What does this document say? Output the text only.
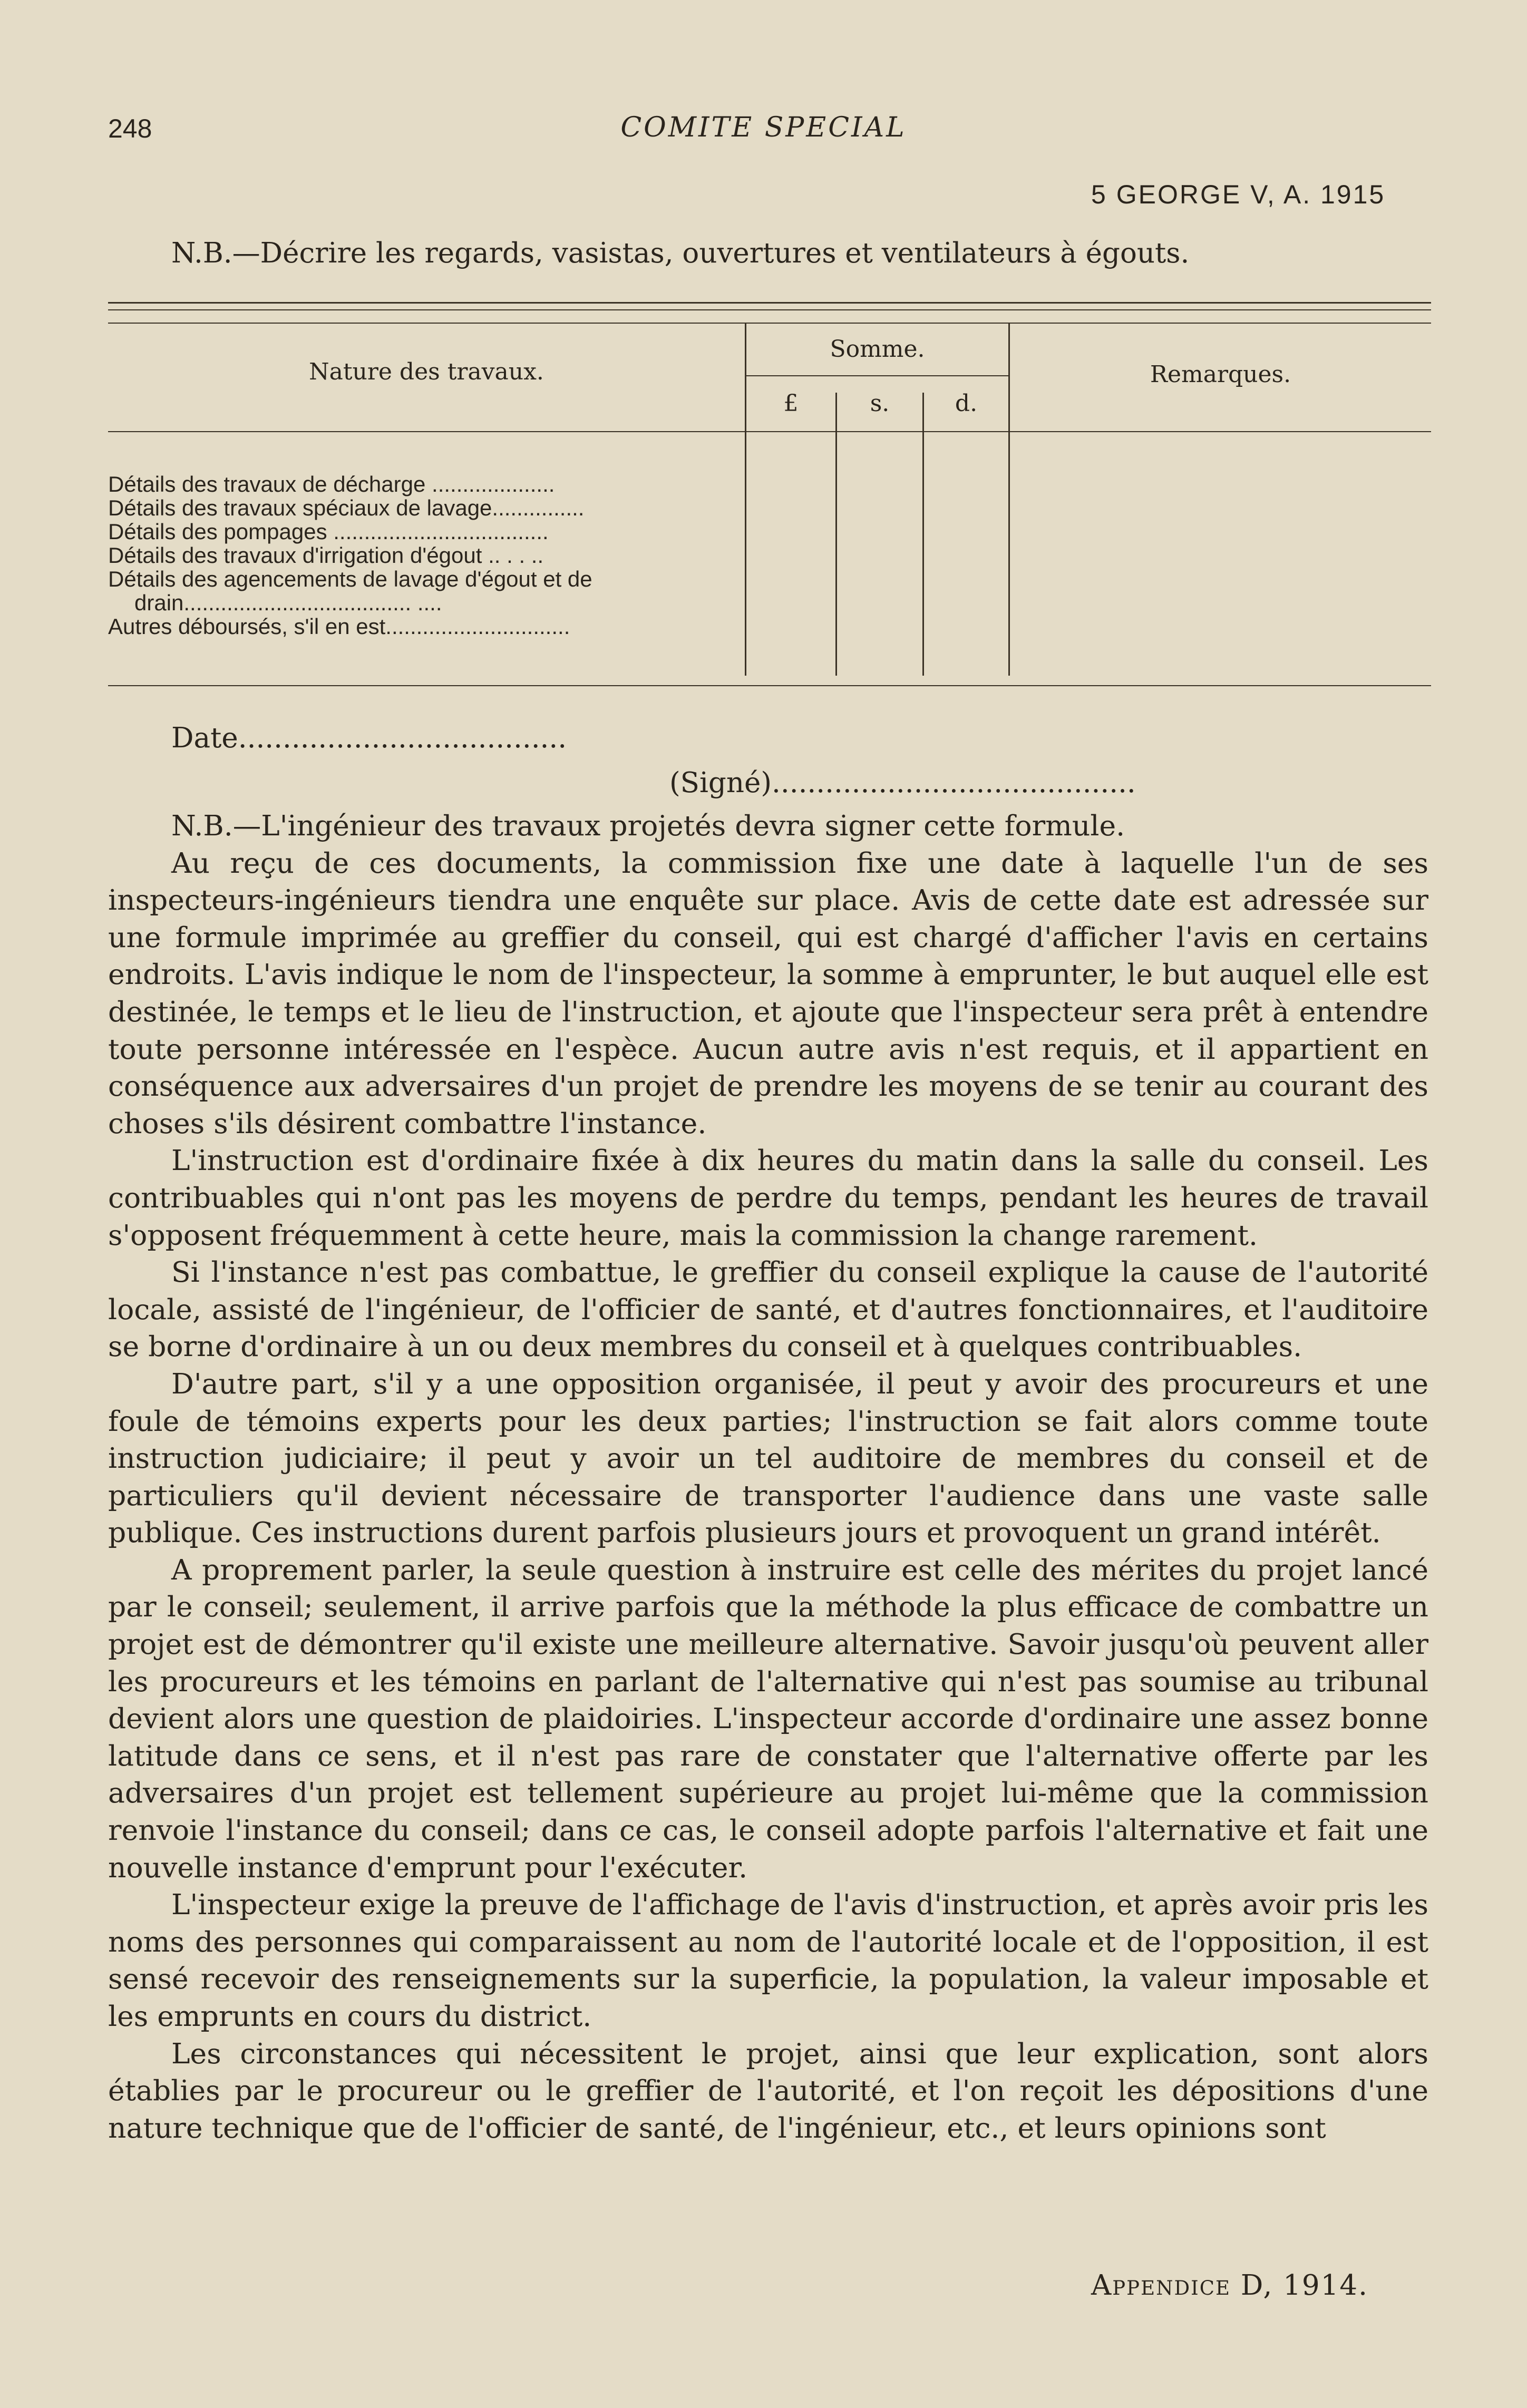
248	COMITE SPECIAL
5 GEORGE V, A. 1915
N.B.—Décrire les regards, vasistas, ouvertures et ventilateurs à égouts.
Nature des travaux.
Somme.
£	s.	d.
Remarques.
Détails des travaux de décharge ....................
Détails des travaux spéciaux de lavage...............
Détails des pompages ...................................
Détails des travaux d'irrigation d'égout .. . . ..
Détails des agencements de lavage d'égout et de
drain..................................... ....
Autres déboursés, s'il en est..............................
Date.....................................
(Signé).........................................

N.B.—L'ingénieur des travaux projetés devra signer cette formule.

Au reçu de ces documents, la commission fixe une date à laquelle l'un de ses inspecteurs-ingénieurs tiendra une enquête sur place. Avis de cette date est adressée sur une formule imprimée au greffier du conseil, qui est chargé d'afficher l'avis en certains endroits. L'avis indique le nom de l'inspecteur, la somme à emprunter, le but auquel elle est destinée, le temps et le lieu de l'instruction, et ajoute que l'inspecteur sera prêt à entendre toute personne intéressée en l'espèce. Aucun autre avis n'est requis, et il appartient en conséquence aux adversaires d'un projet de prendre les moyens de se tenir au courant des choses s'ils désirent combattre l'instance.

L'instruction est d'ordinaire fixée à dix heures du matin dans la salle du conseil. Les contribuables qui n'ont pas les moyens de perdre du temps, pendant les heures de travail s'opposent fréquemment à cette heure, mais la commission la change rarement.

Si l'instance n'est pas combattue, le greffier du conseil explique la cause de l'autorité locale, assisté de l'ingénieur, de l'officier de santé, et d'autres fonctionnaires, et l'auditoire se borne d'ordinaire à un ou deux membres du conseil et à quelques contribuables.

D'autre part, s'il y a une opposition organisée, il peut y avoir des procureurs et une foule de témoins experts pour les deux parties; l'instruction se fait alors comme toute instruction judiciaire; il peut y avoir un tel auditoire de membres du conseil et de particuliers qu'il devient nécessaire de transporter l'audience dans une vaste salle publique. Ces instructions durent parfois plusieurs jours et provoquent un grand intérêt.

A proprement parler, la seule question à instruire est celle des mérites du projet lancé par le conseil; seulement, il arrive parfois que la méthode la plus efficace de combattre un projet est de démontrer qu'il existe une meilleure alternative. Savoir jusqu'où peuvent aller les procureurs et les témoins en parlant de l'alternative qui n'est pas soumise au tribunal devient alors une question de plaidoiries. L'inspecteur accorde d'ordinaire une assez bonne latitude dans ce sens, et il n'est pas rare de constater que l'alternative offerte par les adversaires d'un projet est tellement supérieure au projet lui-même que la commission renvoie l'instance du conseil; dans ce cas, le conseil adopte parfois l'alternative et fait une nouvelle instance d'emprunt pour l'exécuter.

L'inspecteur exige la preuve de l'affichage de l'avis d'instruction, et après avoir pris les noms des personnes qui comparaissent au nom de l'autorité locale et de l'opposition, il est sensé recevoir des renseignements sur la superficie, la population, la valeur imposable et les emprunts en cours du district.

Les circonstances qui nécessitent le projet, ainsi que leur explication, sont alors établies par le procureur ou le greffier de l'autorité, et l'on reçoit les dépositions d'une nature technique que de l'officier de santé, de l'ingénieur, etc., et leurs opinions sont

Appendice D, 1914.
